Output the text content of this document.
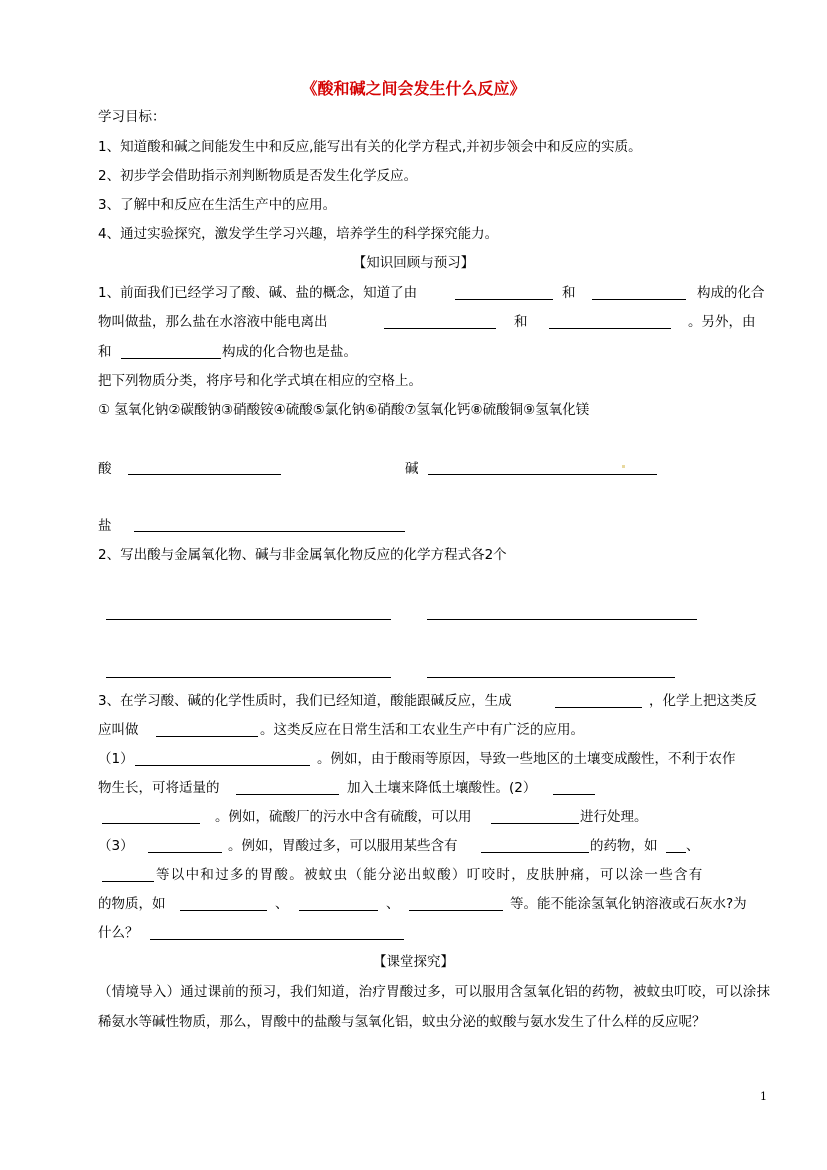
《酸和碱之间会发生什么反应》
学习目标：
1、知道酸和碱之间能发生中和反应,能写出有关的化学方程式,并初步领会中和反应的实质。
2、初步学会借助指示剂判断物质是否发生化学反应。
3、了解中和反应在生活生产中的应用。
4、通过实验探究，激发学生学习兴趣，培养学生的科学探究能力。
【知识回顾与预习】
1、前面我们已经学习了酸、碱、盐的概念，知道了由	和	构成的化合
物叫做盐，那么盐在水溶液中能电离出	和	。另外，由
和	构成的化合物也是盐。
把下列物质分类，将序号和化学式填在相应的空格上。
① 氢氧化钠②碳酸钠③硝酸铵④硫酸⑤氯化钠⑥硝酸⑦氢氧化钙⑧硫酸铜⑨氢氧化镁
酸	碱
盐
2、写出酸与金属氧化物、碱与非金属氧化物反应的化学方程式各2个
3、在学习酸、碱的化学性质时，我们已经知道，酸能跟碱反应，生成	，化学上把这类反
应叫做	。这类反应在日常生活和工农业生产中有广泛的应用。
（1）	。例如，由于酸雨等原因，导致一些地区的土壤变成酸性，不利于农作
物生长，可将适量的	加入土壤来降低土壤酸性。(2）
。例如，硫酸厂的污水中含有硫酸，可以用	进行处理。
（3）	。例如，胃酸过多，可以服用某些含有	的药物，如 、
等以中和过多的胃酸。被蚊虫（能分泌出蚁酸）叮咬时，皮肤肿痛，可以涂一些含有
的物质，如	、	、	等。能不能涂氢氧化钠溶液或石灰水?为
什么？
【课堂探究】
（情境导入）通过课前的预习，我们知道，治疗胃酸过多，可以服用含氢氧化铝的药物，被蚊虫叮咬，可以涂抹稀氨水等碱性物质，那么，胃酸中的盐酸与氢氧化铝，蚊虫分泌的蚁酸与氨水发生了什么样的反应呢？
1
